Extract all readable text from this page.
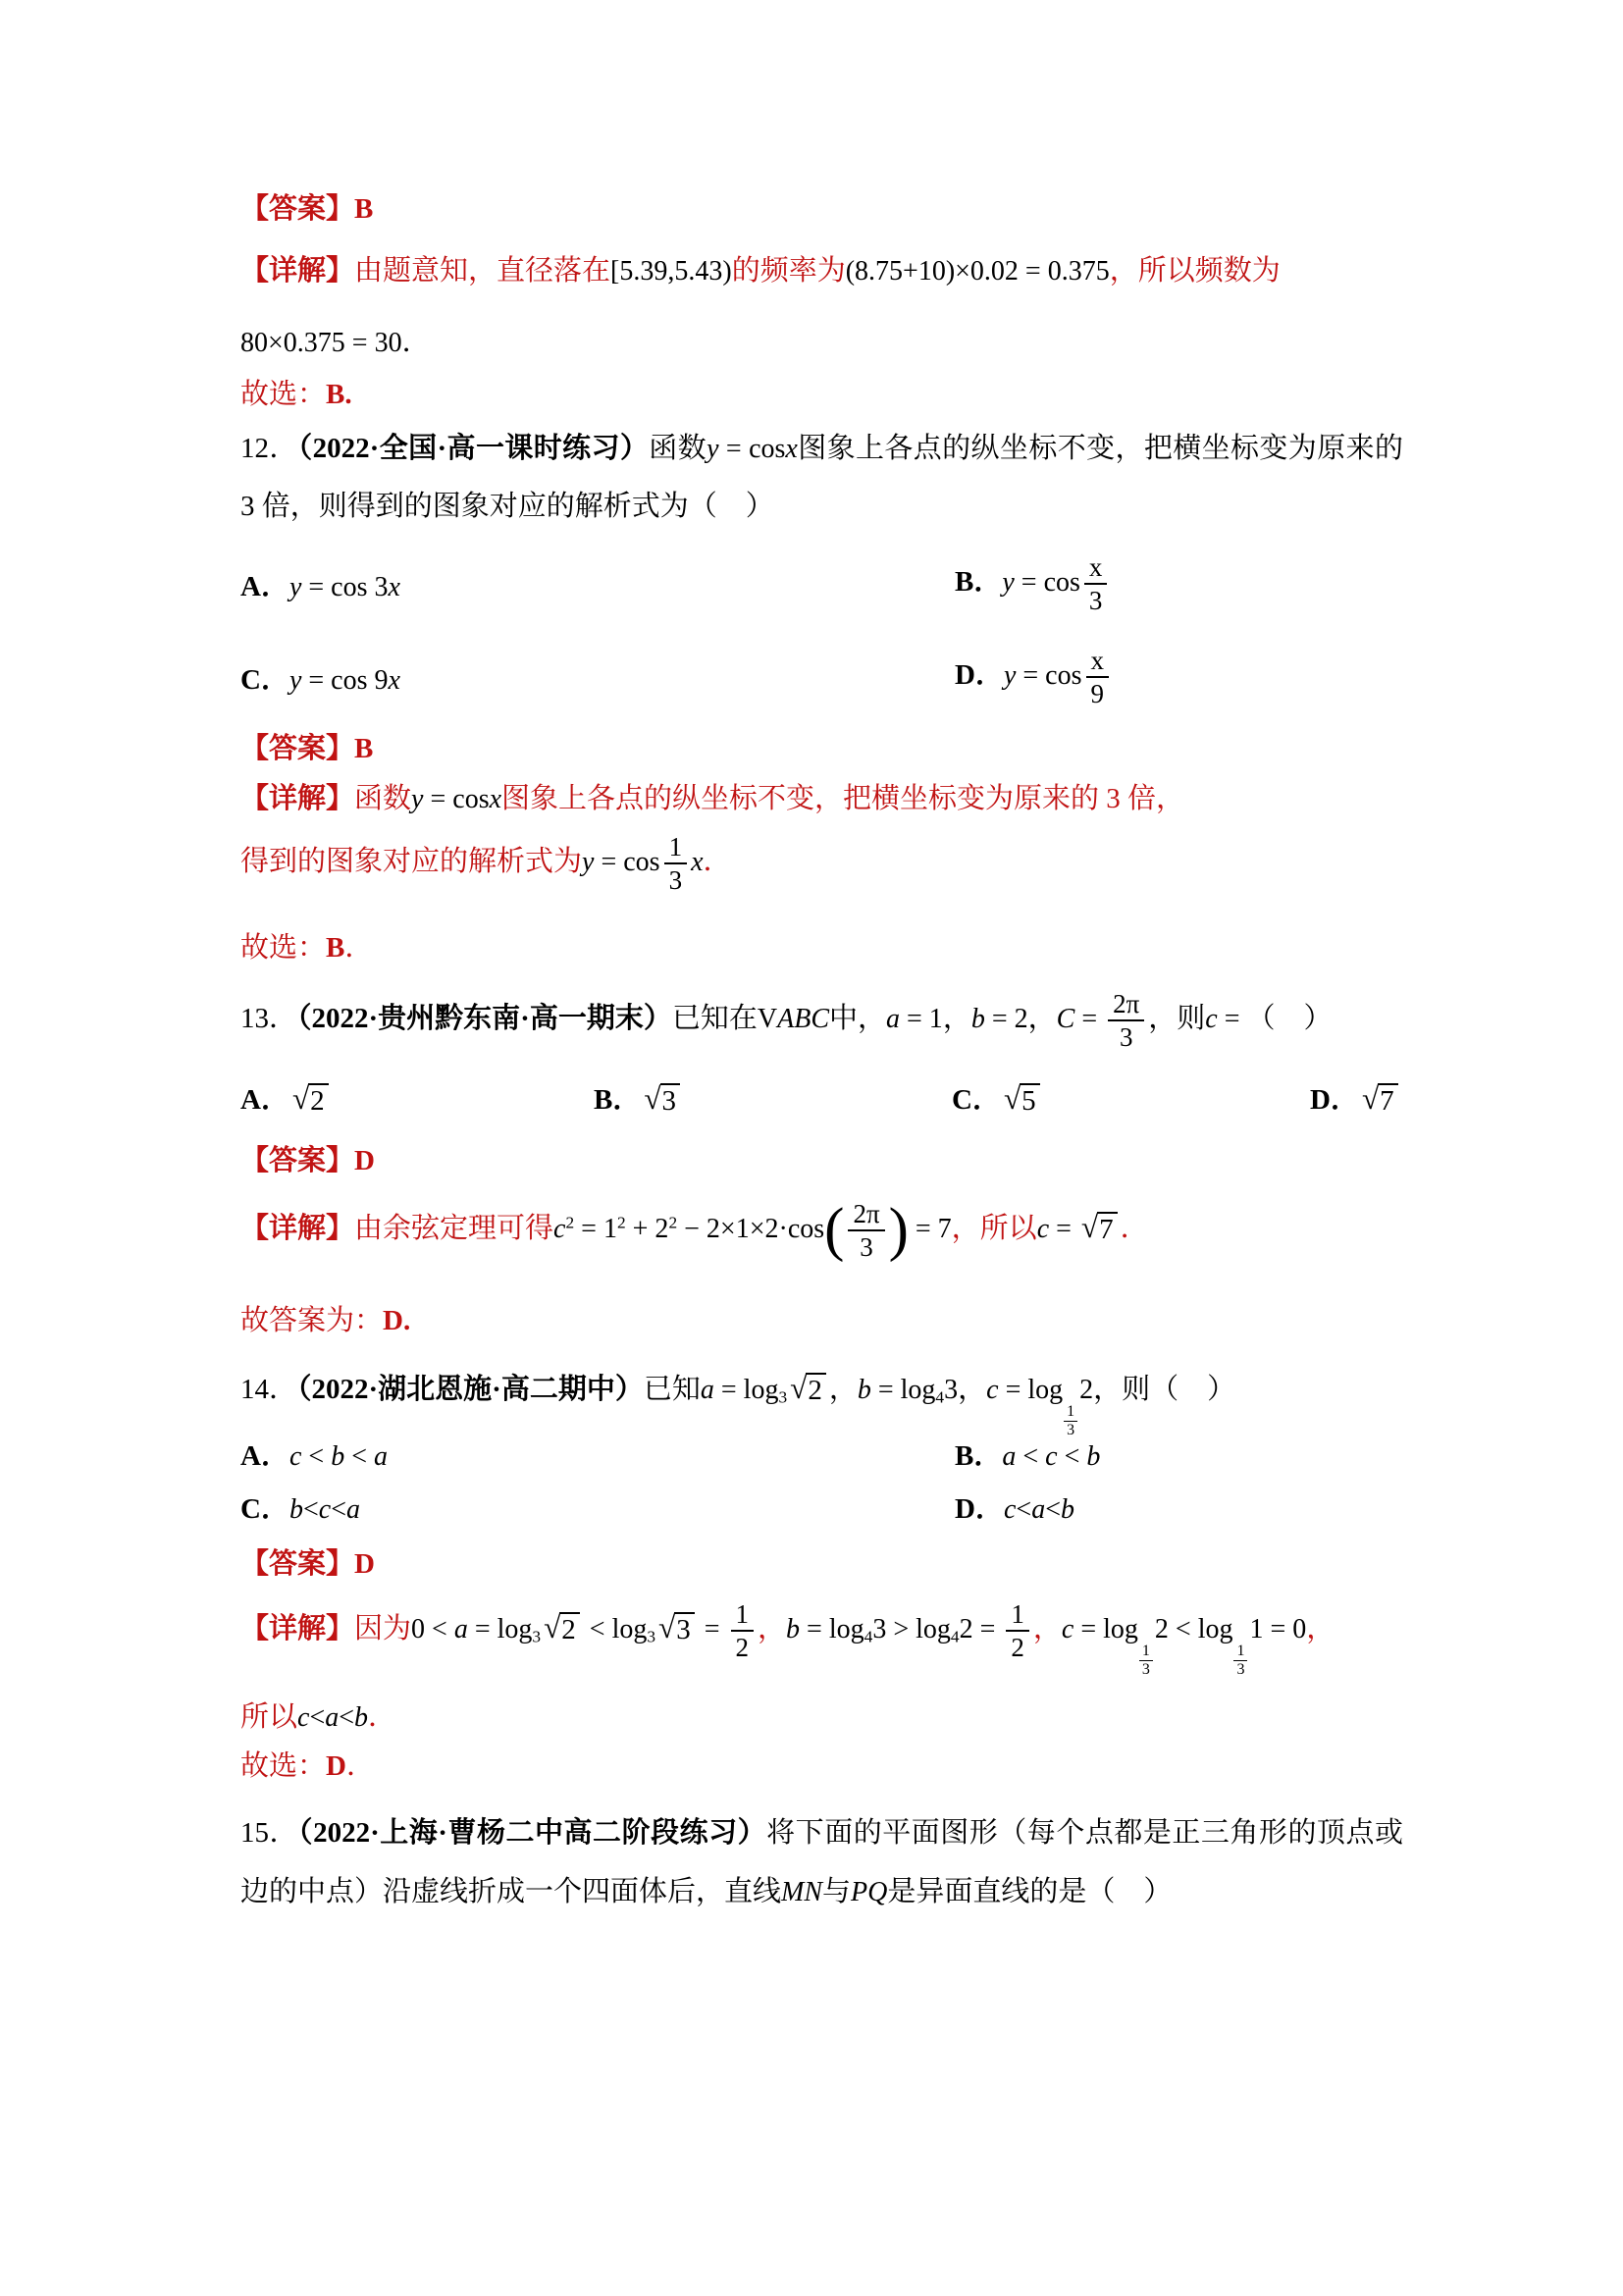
【答案】B
【详解】由题意知，直径落在[5.39,5.43)的频率为(8.75+10)×0.02 = 0.375，所以频数为
80×0.375 = 30．
故选：B.
12．（2022·全国·高一课时练习）函数y = cosx图象上各点的纵坐标不变，把横坐标变为原来的 3 倍，则得到的图象对应的解析式为（　）
A．y = cos 3x	B．$y = \cos \frac{x}{3}$
C．y = cos 9x	D．$y = \cos \frac{x}{9}$
【答案】B
【详解】函数y = cosx图象上各点的纵坐标不变，把横坐标变为原来的 3 倍，
得到的图象对应的解析式为$y = \cos \frac{1}{3}$ x．
故选：B．
13．（2022·贵州黔东南·高一期末）已知在VABC中，a = 1，b = 2，$C = \frac{2\pi}{3}$ ，则c = （　）
A． √ 2	B． √ 3	C． √ 5	D． √ 7
【答案】D
【详解】由余弦定理可得$c^2 = 1^2 + 2^2 - 2\times 1\times 2\cdot\cos( \frac{2\pi}{3}$ ) = 7，所以c = √ 7 ．
故答案为：D.
14．（2022·湖北恩施·高二期中）已知a = log3 √ 2 ，b = log43，c = log
$\frac{1}{3}$
2，则（　）
A．c < b < a	B．a < c < b
C．b<c<a	D．c<a<b
【答案】D
【详解】因为0 < a = log3 √ 2 < log3 √ $3 = \frac{1}{2}$ ，$b = \log 43 > \log 42 = \frac{1}{2}$ ，c = log
$\frac{1}{3}$
2 < log
$\frac{1}{3}$
1 = 0，
所以c<a<b．
故选：D．
15．（2022·上海·曹杨二中高二阶段练习）将下面的平面图形（每个点都是正三角形的顶点或边的中点）沿虚线折成一个四面体后，直线MN与PQ是异面直线的是（　）
